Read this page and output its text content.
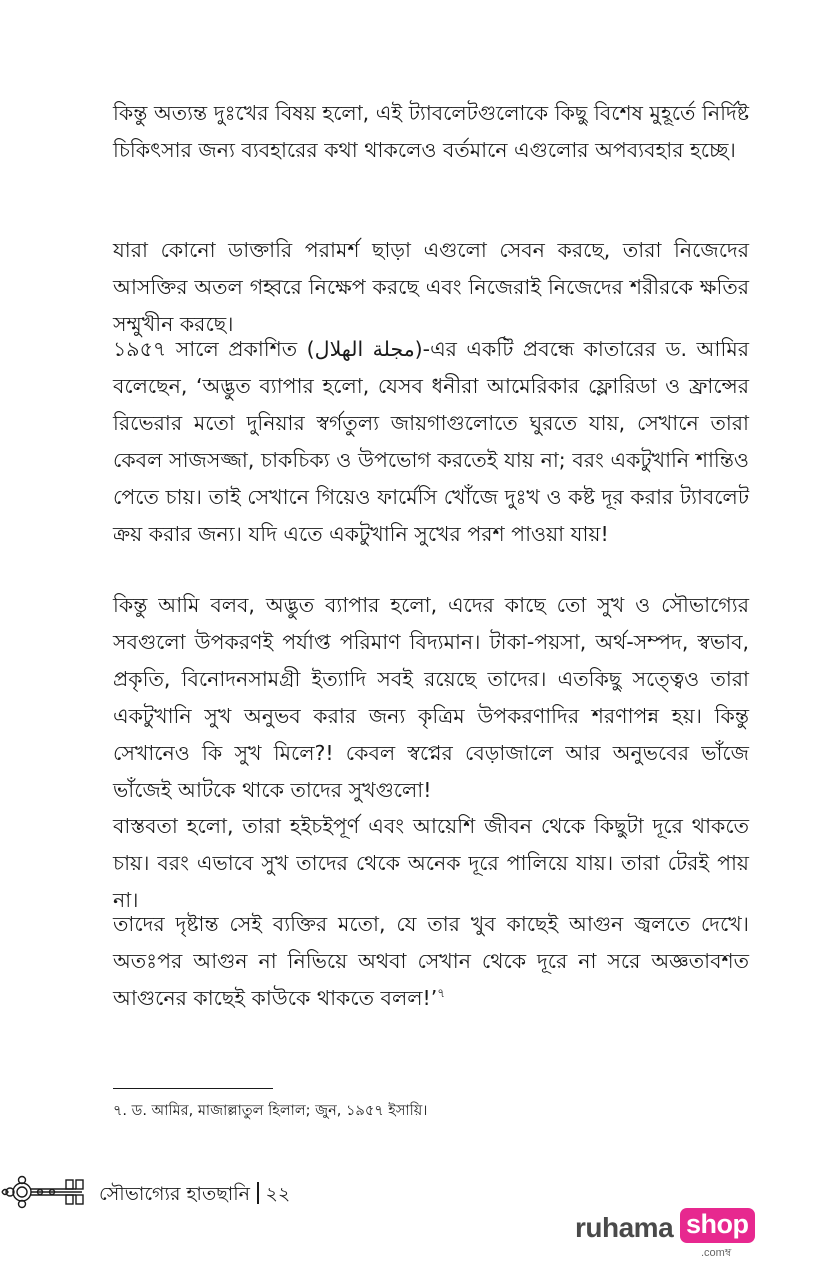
কিন্তু অত্যন্ত দুঃখের বিষয় হলো, এই ট্যাবলেটগুলোকে কিছু বিশেষ মুহূর্তে নির্দিষ্ট চিকিৎসার জন্য ব্যবহারের কথা থাকলেও বর্তমানে এগুলোর অপব্যবহার হচ্ছে।

যারা কোনো ডাক্তারি পরামর্শ ছাড়া এগুলো সেবন করছে, তারা নিজেদের আসক্তির অতল গহ্বরে নিক্ষেপ করছে এবং নিজেরাই নিজেদের শরীরকে ক্ষতির সম্মুখীন করছে।

১৯৫৭ সালে প্রকাশিত (مجلة الهلال)-এর একটি প্রবন্ধে কাতারের ড. আমির বলেছেন, ‘অদ্ভুত ব্যাপার হলো, যেসব ধনীরা আমেরিকার ফ্লোরিডা ও ফ্রান্সের রিভেরার মতো দুনিয়ার স্বর্গতুল্য জায়গাগুলোতে ঘুরতে যায়, সেখানে তারা কেবল সাজসজ্জা, চাকচিক্য ও উপভোগ করতেই যায় না; বরং একটুখানি শান্তিও পেতে চায়। তাই সেখানে গিয়েও ফার্মেসি খোঁজে দুঃখ ও কষ্ট দূর করার ট্যাবলেট ক্রয় করার জন্য। যদি এতে একটুখানি সুখের পরশ পাওয়া যায়!

কিন্তু আমি বলব, অদ্ভুত ব্যাপার হলো, এদের কাছে তো সুখ ও সৌভাগ্যের সবগুলো উপকরণই পর্যাপ্ত পরিমাণ বিদ্যমান। টাকা-পয়সা, অর্থ-সম্পদ, স্বভাব, প্রকৃতি, বিনোদনসামগ্রী ইত্যাদি সবই রয়েছে তাদের। এতকিছু সত্ত্বেও তারা একটুখানি সুখ অনুভব করার জন্য কৃত্রিম উপকরণাদির শরণাপন্ন হয়। কিন্তু সেখানেও কি সুখ মিলে?! কেবল স্বপ্নের বেড়াজালে আর অনুভবের ভাঁজে ভাঁজেই আটকে থাকে তাদের সুখগুলো!

বাস্তবতা হলো, তারা হইচইপূর্ণ এবং আয়েশি জীবন থেকে কিছুটা দূরে থাকতে চায়। বরং এভাবে সুখ তাদের থেকে অনেক দূরে পালিয়ে যায়। তারা টেরই পায় না।

তাদের দৃষ্টান্ত সেই ব্যক্তির মতো, যে তার খুব কাছেই আগুন জ্বলতে দেখে। অতঃপর আগুন না নিভিয়ে অথবা সেখান থেকে দূরে না সরে অজ্ঞতাবশত আগুনের কাছেই কাউকে থাকতে বলল!’$^৭$

৭. ড. আমির, মাজাল্লাতুল হিলাল; জুন, ১৯৫৭ ইসায়ি।

সৌভাগ্যের হাতছানি ২২
ruhama shop
.comম্ব
